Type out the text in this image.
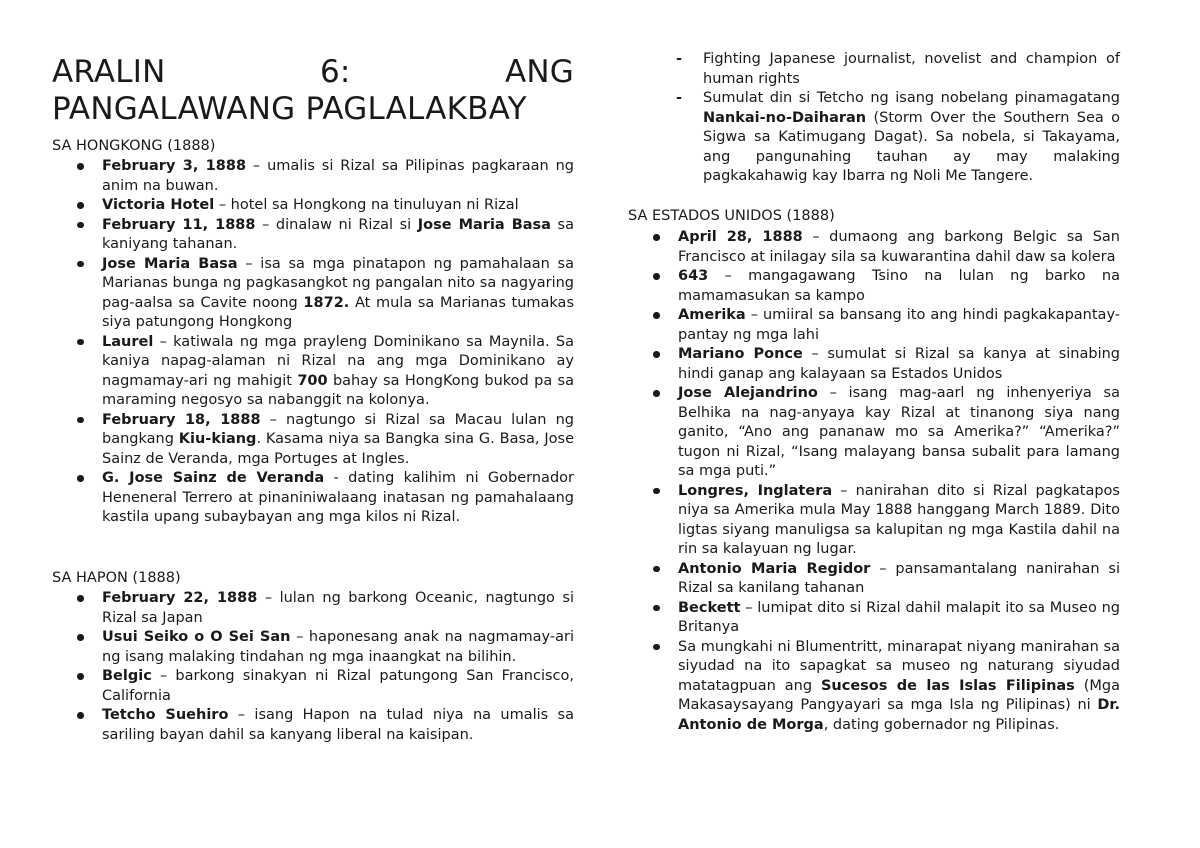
ARALIN	6:	ANG
PANGALAWANG PAGLALAKBAY
SA HONGKONG (1888)
February 3, 1888 – umalis si Rizal sa Pilipinas pagkaraan ng anim na buwan.
Victoria Hotel – hotel sa Hongkong na tinuluyan ni Rizal
February 11, 1888 – dinalaw ni Rizal si Jose Maria Basa sa kaniyang tahanan.
Jose Maria Basa – isa sa mga pinatapon ng pamahalaan sa Marianas bunga ng pagkasangkot ng pangalan nito sa nagyaring pag-aalsa sa Cavite noong 1872. At mula sa Marianas tumakas siya patungong Hongkong
Laurel – katiwala ng mga prayleng Dominikano sa Maynila. Sa kaniya napag-alaman ni Rizal na ang mga Dominikano ay nagmamay-ari ng mahigit 700 bahay sa HongKong bukod pa sa maraming negosyo sa nabanggit na kolonya.
February 18, 1888 – nagtungo si Rizal sa Macau lulan ng bangkang Kiu-kiang. Kasama niya sa Bangka sina G. Basa, Jose Sainz de Veranda, mga Portuges at Ingles.
G. Jose Sainz de Veranda - dating kalihim ni Gobernador Heneneral Terrero at pinaniniwalaang inatasan ng pamahalaang kastila upang subaybayan ang mga kilos ni Rizal.
SA HAPON (1888)
February 22, 1888 – lulan ng barkong Oceanic, nagtungo si Rizal sa Japan
Usui Seiko o O Sei San – haponesang anak na nagmamay-ari ng isang malaking tindahan ng mga inaangkat na bilihin.
Belgic – barkong sinakyan ni Rizal patungong San Francisco, California
Tetcho Suehiro – isang Hapon na tulad niya na umalis sa sariling bayan dahil sa kanyang liberal na kaisipan.
-	Fighting Japanese journalist, novelist and champion of human rights
-	Sumulat din si Tetcho ng isang nobelang pinamagatang Nankai-no-Daiharan (Storm Over the Southern Sea o Sigwa sa Katimugang Dagat). Sa nobela, si Takayama, ang pangunahing tauhan ay may malaking pagkakahawig kay Ibarra ng Noli Me Tangere.
SA ESTADOS UNIDOS (1888)
April 28, 1888 – dumaong ang barkong Belgic sa San Francisco at inilagay sila sa kuwarantina dahil daw sa kolera
643 – mangagawang Tsino na lulan ng barko na mamamasukan sa kampo
Amerika – umiiral sa bansang ito ang hindi pagkakapantay-pantay ng mga lahi
Mariano Ponce – sumulat si Rizal sa kanya at sinabing hindi ganap ang kalayaan sa Estados Unidos
Jose Alejandrino – isang mag-aarl ng inhenyeriya sa Belhika na nag-anyaya kay Rizal at tinanong siya nang ganito, “Ano ang pananaw mo sa Amerika?” “Amerika?” tugon ni Rizal, “Isang malayang bansa subalit para lamang sa mga puti.”
Longres, Inglatera – nanirahan dito si Rizal pagkatapos niya sa Amerika mula May 1888 hanggang March 1889. Dito ligtas siyang manuligsa sa kalupitan ng mga Kastila dahil na rin sa kalayuan ng lugar.
Antonio Maria Regidor – pansamantalang nanirahan si Rizal sa kanilang tahanan
Beckett – lumipat dito si Rizal dahil malapit ito sa Museo ng Britanya
Sa mungkahi ni Blumentritt, minarapat niyang manirahan sa siyudad na ito sapagkat sa museo ng naturang siyudad matatagpuan ang Sucesos de las Islas Filipinas (Mga Makasaysayang Pangyayari sa mga Isla ng Pilipinas) ni Dr. Antonio de Morga, dating gobernador ng Pilipinas.
